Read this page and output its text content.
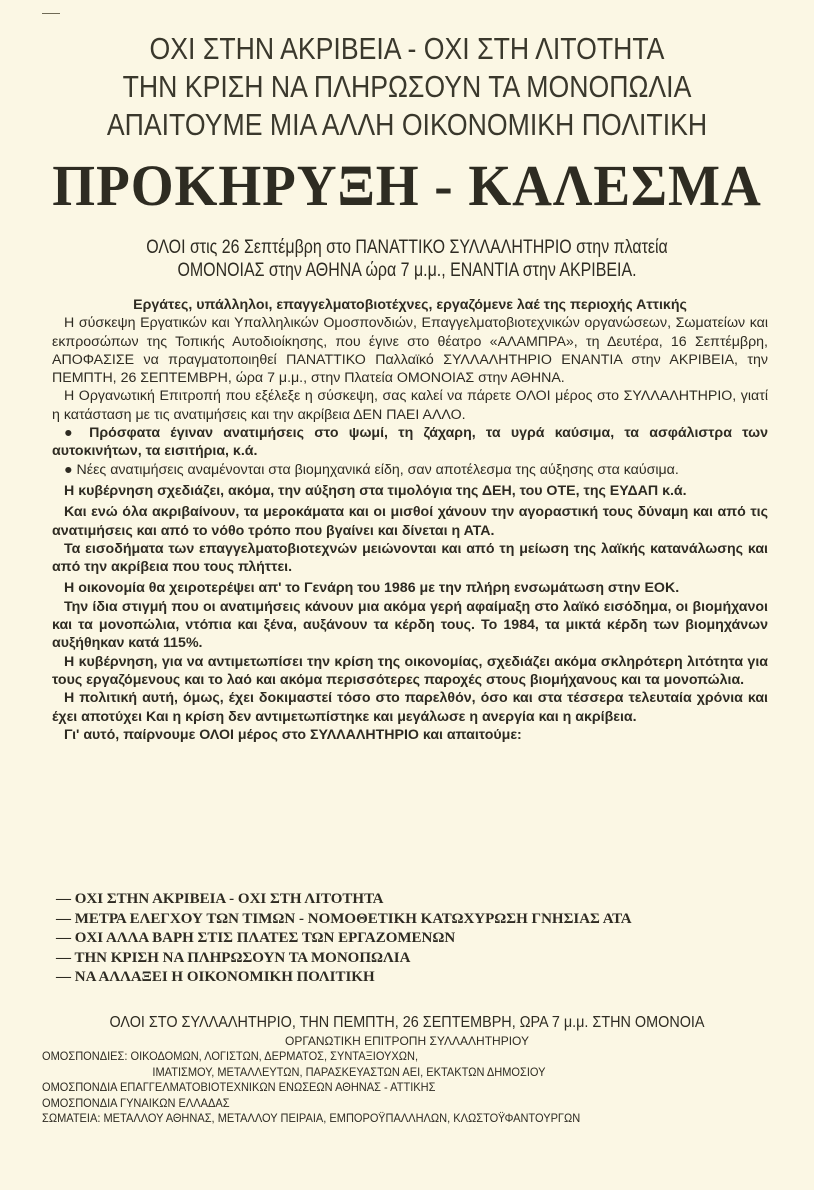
ΟΧΙ ΣΤΗΝ ΑΚΡΙΒΕΙΑ - ΟΧΙ ΣΤΗ ΛΙΤΟΤΗΤΑ
ΤΗΝ ΚΡΙΣΗ ΝΑ ΠΛΗΡΩΣΟΥΝ ΤΑ ΜΟΝΟΠΩΛΙΑ
ΑΠΑΙΤΟΥΜΕ ΜΙΑ ΑΛΛΗ ΟΙΚΟΝΟΜΙΚΗ ΠΟΛΙΤΙΚΗ
ΠΡΟΚΗΡΥΞΗ - ΚΑΛΕΣΜΑ
ΟΛΟΙ στις 26 Σεπτέμβρη στο ΠΑΝΑΤΤΙΚΟ ΣΥΛΛΑΛΗΤΗΡΙΟ στην πλατεία
ΟΜΟΝΟΙΑΣ στην ΑΘΗΝΑ ώρα 7 μ.μ., ΕΝΑΝΤΙΑ στην ΑΚΡΙΒΕΙΑ.

Εργάτες, υπάλληλοι, επαγγελματοβιοτέχνες, εργαζόμενε λαέ της περιοχής Αττικής

Η σύσκεψη Εργατικών και Υπαλληλικών Ομοσπονδιών, Επαγγελματοβιοτεχνικών οργανώσεων, Σωματείων και εκπροσώπων της Τοπικής Αυτοδιοίκησης, που έγινε στο θέατρο «ΑΛΑΜΠΡΑ», τη Δευτέρα, 16 Σεπτέμβρη, ΑΠΟΦΑΣΙΣΕ να πραγματοποιηθεί ΠΑΝΑΤΤΙΚΟ Παλλαϊκό ΣΥΛΛΑΛΗΤΗΡΙΟ ΕΝΑΝΤΙΑ στην ΑΚΡΙΒΕΙΑ, την ΠΕΜΠΤΗ, 26 ΣΕΠΤΕΜΒΡΗ, ώρα 7 μ.μ., στην Πλατεία ΟΜΟΝΟΙΑΣ στην ΑΘΗΝΑ.

Η Οργανωτική Επιτροπή που εξέλεξε η σύσκεψη, σας καλεί να πάρετε ΟΛΟΙ μέρος στο ΣΥΛΛΑΛΗΤΗΡΙΟ, γιατί η κατάσταση με τις ανατιμήσεις και την ακρίβεια ΔΕΝ ΠΑΕΙ ΑΛΛΟ.

● Πρόσφατα έγιναν ανατιμήσεις στο ψωμί, τη ζάχαρη, τα υγρά καύσιμα, τα ασφάλιστρα των αυτοκινήτων, τα εισιτήρια, κ.ά.

● Νέες ανατιμήσεις αναμένονται στα βιομηχανικά είδη, σαν αποτέλεσμα της αύξησης στα καύσιμα.

Η κυβέρνηση σχεδιάζει, ακόμα, την αύξηση στα τιμολόγια της ΔΕΗ, του ΟΤΕ, της ΕΥΔΑΠ κ.ά.

Και ενώ όλα ακριβαίνουν, τα μεροκάματα και οι μισθοί χάνουν την αγοραστική τους δύναμη και από τις ανατιμήσεις και από το νόθο τρόπο που βγαίνει και δίνεται η ΑΤΑ.

Τα εισοδήματα των επαγγελματοβιοτεχνών μειώνονται και από τη μείωση της λαϊκής κατανάλωσης και από την ακρίβεια που τους πλήττει.

Η οικονομία θα χειροτερέψει απ' το Γενάρη του 1986 με την πλήρη ενσωμάτωση στην ΕΟΚ.

Την ίδια στιγμή που οι ανατιμήσεις κάνουν μια ακόμα γερή αφαίμαξη στο λαϊκό εισόδημα, οι βιομήχανοι και τα μονοπώλια, ντόπια και ξένα, αυξάνουν τα κέρδη τους. Το 1984, τα μικτά κέρδη των βιομηχάνων αυξήθηκαν κατά 115%.

Η κυβέρνηση, για να αντιμετωπίσει την κρίση της οικονομίας, σχεδιάζει ακόμα σκληρότερη λιτότητα για τους εργαζόμενους και το λαό και ακόμα περισσότερες παροχές στους βιομήχανους και τα μονοπώλια.

Η πολιτική αυτή, όμως, έχει δοκιμαστεί τόσο στο παρελθόν, όσο και στα τέσσερα τελευταία χρόνια και έχει αποτύχει Και η κρίση δεν αντιμετωπίστηκε και μεγάλωσε η ανεργία και η ακρίβεια.

Γι' αυτό, παίρνουμε ΟΛΟΙ μέρος στο ΣΥΛΛΑΛΗΤΗΡΙΟ και απαιτούμε:

— ΟΧΙ ΣΤΗΝ ΑΚΡΙΒΕΙΑ - ΟΧΙ ΣΤΗ ΛΙΤΟΤΗΤΑ
— ΜΕΤΡΑ ΕΛΕΓΧΟΥ ΤΩΝ ΤΙΜΩΝ - ΝΟΜΟΘΕΤΙΚΗ ΚΑΤΩΧΥΡΩΣΗ ΓΝΗΣΙΑΣ ΑΤΑ
— ΟΧΙ ΑΛΛΑ ΒΑΡΗ ΣΤΙΣ ΠΛΑΤΕΣ ΤΩΝ ΕΡΓΑΖΟΜΕΝΩΝ
— ΤΗΝ ΚΡΙΣΗ ΝΑ ΠΛΗΡΩΣΟΥΝ ΤΑ ΜΟΝΟΠΩΛΙΑ
— ΝΑ ΑΛΛΑΞΕΙ Η ΟΙΚΟΝΟΜΙΚΗ ΠΟΛΙΤΙΚΗ
ΟΛΟΙ ΣΤΟ ΣΥΛΛΑΛΗΤΗΡΙΟ, ΤΗΝ ΠΕΜΠΤΗ, 26 ΣΕΠΤΕΜΒΡΗ, ΩΡΑ 7 μ.μ. ΣΤΗΝ ΟΜΟΝΟΙΑ
ΟΡΓΑΝΩΤΙΚΗ ΕΠΙΤΡΟΠΗ ΣΥΛΛΑΛΗΤΗΡΙΟΥ
ΟΜΟΣΠΟΝΔΙΕΣ: ΟΙΚΟΔΟΜΩΝ, ΛΟΓΙΣΤΩΝ, ΔΕΡΜΑΤΟΣ, ΣΥΝΤΑΞΙΟΥΧΩΝ,
ΙΜΑΤΙΣΜΟΥ, ΜΕΤΑΛΛΕΥΤΩΝ, ΠΑΡΑΣΚΕΥΑΣΤΩΝ ΑΕΙ, ΕΚΤΑΚΤΩΝ ΔΗΜΟΣΙΟΥ
ΟΜΟΣΠΟΝΔΙΑ ΕΠΑΓΓΕΛΜΑΤΟΒΙΟΤΕΧΝΙΚΩΝ ΕΝΩΣΕΩΝ ΑΘΗΝΑΣ - ΑΤΤΙΚΗΣ
ΟΜΟΣΠΟΝΔΙΑ ΓΥΝΑΙΚΩΝ ΕΛΛΑΔΑΣ
ΣΩΜΑΤΕΙΑ: ΜΕΤΑΛΛΟΥ ΑΘΗΝΑΣ, ΜΕΤΑΛΛΟΥ ΠΕΙΡΑΙΑ, ΕΜΠΟΡΟΫΠΑΛΛΗΛΩΝ, ΚΛΩΣΤΟΫΦΑΝΤΟΥΡΓΩΝ
